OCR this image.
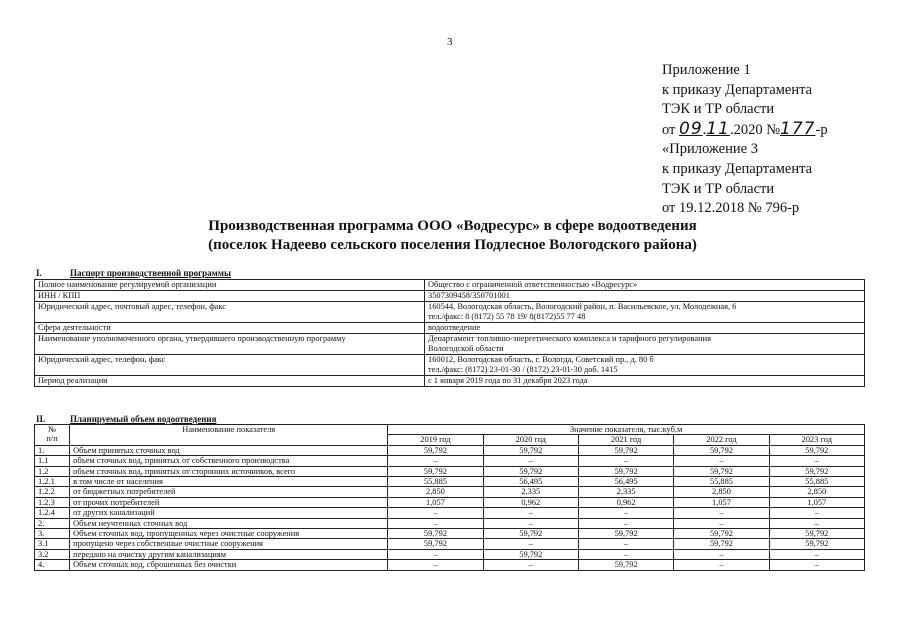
3
Приложение 1
к приказу Департамента
ТЭК и ТР области
от 09.11.2020 №177-р
«Приложение 3
к приказу Департамента
ТЭК и ТР области
от 19.12.2018 № 796-р
Производственная программа ООО «Водресурс» в сфере водоотведения
(поселок Надеево сельского поселения Подлесное Вологодского района)
I.	Паспорт производственной программы
Полное наименование регулируемой организации	Общество с ограниченной ответственностью «Водресурс»

ИНН / КПП	3507309458/350701001

Юридический адрес, почтовый адрес, телефон, факс	160544, Вологодская область, Вологодский район, п. Васильевское, ул. Молодежная, 6
тел./факс: 8 (8172) 55 78 19/ 8(8172)55 77 48

Сфера деятельности	водоотведение

Наименование уполномоченного органа, утвердившего производственную программу	Департамент топливно-энергетического комплекса и тарифного регулирования
Вологодской области

Юридический адрес, телефон, факс	160012, Вологодская область, г. Вологда, Советский пр., д. 80 б
тел./факс: (8172) 23-01-30 / (8172) 23-01-30 доб. 1415

Период реализации	с 1 января 2019 года по 31 декабря 2023 года
II.	Планируемый объем водоотведения
№
п/п	Наименование показателя	Значение показателя, тыс.куб.м				
		2019 год	2020 год	2021 год	2022 год	2023 год
1.	Объем принятых сточных вод	59,792	59,792	59,792	59,792	59,792
1.1	объем сточных вод, принятых от собственного производства	–	–	–	–	–
1.2	объем сточных вод, принятых от сторонних источников, всего	59,792	59,792	59,792	59,792	59,792
1.2.1	в том числе от населения	55,885	56,495	56,495	55,885	55,885
1.2.2	от бюджетных потребителей	2,850	2,335	2,335	2,850	2,850
1.2.3	от прочих потребителей	1,057	0,962	0,962	1,057	1,057
1.2.4	от других канализаций	–	–	–	–	–
2.	Объем неучтенных сточных вод	–	–	–	–	–
3.	Объем сточных вод, пропущенных через очистные сооружения	59,792	59,792	59,792	59,792	59,792
3.1	пропущено через собственные очистные сооружения	59,792	–	–	59,792	59,792
3.2	передано на очистку другим канализациям	–	59,792	–	–	–
4.	Объем сточных вод, сброшенных без очистки	–	–	59,792	–	–
